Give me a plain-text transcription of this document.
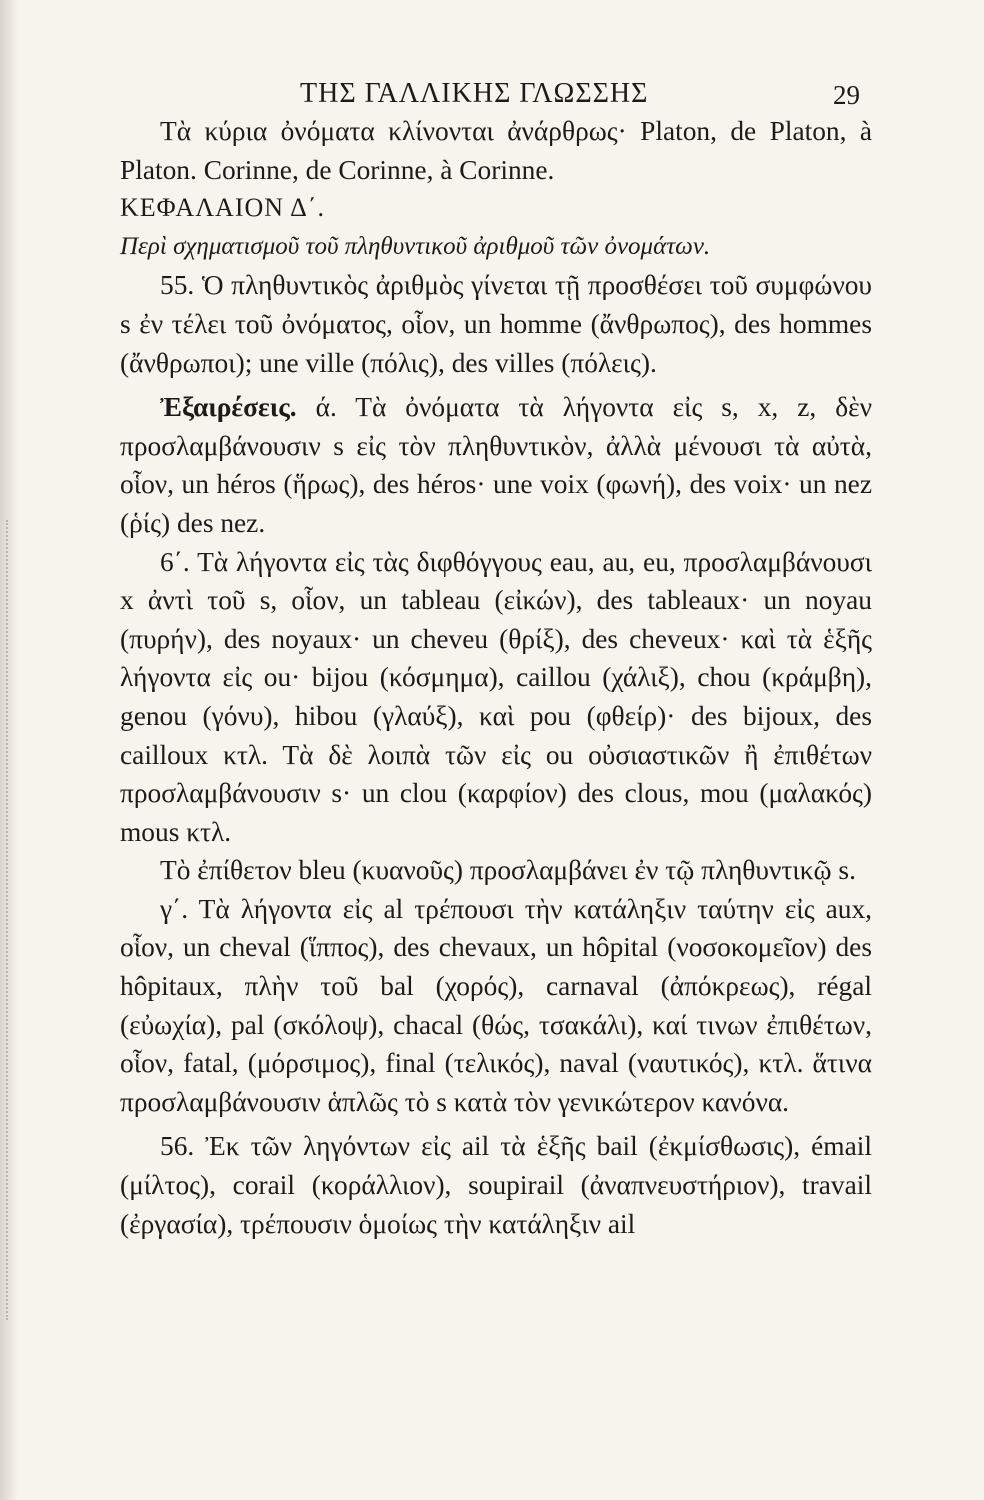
ΤΗΣ ΓΑΛΛΙΚΗΣ ΓΛΩΣΣΗΣ	29

Τὰ κύρια ὀνόματα κλίνονται ἀνάρθρως· Platon, de Platon, à Platon. Corinne, de Corinne, à Corinne.

ΚΕΦΑΛΑΙΟΝ Δ΄.

Περὶ σχηματισμοῦ τοῦ πληθυντικοῦ ἀριθμοῦ τῶν ὀνομάτων.

55. Ὁ πληθυντικὸς ἀριθμὸς γίνεται τῇ προσθέσει τοῦ συμφώνου s ἐν τέλει τοῦ ὀνόματος, οἷον, un homme (ἄνθρωπος), des hommes (ἄνθρωποι); une ville (πόλις), des villes (πόλεις).

Ἐξαιρέσεις. ά. Τὰ ὀνόματα τὰ λήγοντα εἰς s, x, z, δὲν προσλαμβάνουσιν s εἰς τὸν πληθυντικὸν, ἀλλὰ μένουσι τὰ αὐτὰ, οἷον, un héros (ἥρως), des héros· une voix (φωνή), des voix· un nez (ῥίς) des nez.

6΄. Τὰ λήγοντα εἰς τὰς διφθόγγους eau, au, eu, προσλαμβάνουσι x ἀντὶ τοῦ s, οἷον, un tableau (εἰκών), des tableaux· un noyau (πυρήν), des noyaux· un cheveu (θρίξ), des cheveux· καὶ τὰ ἑξῆς λήγοντα εἰς ou· bijou (κόσμημα), caillou (χάλιξ), chou (κράμβη), genou (γόνυ), hibou (γλαύξ), καὶ pou (φθείρ)· des bijoux, des cailloux κτλ. Τὰ δὲ λοιπὰ τῶν εἰς ou οὐσιαστικῶν ἢ ἐπιθέτων προσλαμβάνουσιν s· un clou (καρφίον) des clous, mou (μαλακός) mous κτλ.

Τὸ ἐπίθετον bleu (κυανοῦς) προσλαμβάνει ἐν τῷ πληθυντικῷ s.

γ΄. Τὰ λήγοντα εἰς al τρέπουσι τὴν κατάληξιν ταύτην εἰς aux, οἷον, un cheval (ἵππος), des chevaux, un hôpital (νοσοκομεῖον) des hôpitaux, πλὴν τοῦ bal (χορός), carnaval (ἀπόκρεως), régal (εὐωχία), pal (σκόλοψ), chacal (θώς, τσακάλι), καί τινων ἐπιθέτων, οἷον, fatal, (μόρσιμος), final (τελικός), naval (ναυτικός), κτλ. ἅτινα προσλαμβάνουσιν ἁπλῶς τὸ s κατὰ τὸν γενικώτερον κανόνα.

56. Ἐκ τῶν ληγόντων εἰς ail τὰ ἑξῆς bail (ἐκμίσθωσις), émail (μίλτος), corail (κοράλλιον), soupirail (ἀναπνευστήριον), travail (ἐργασία), τρέπουσιν ὁμοίως τὴν κατάληξιν ail
